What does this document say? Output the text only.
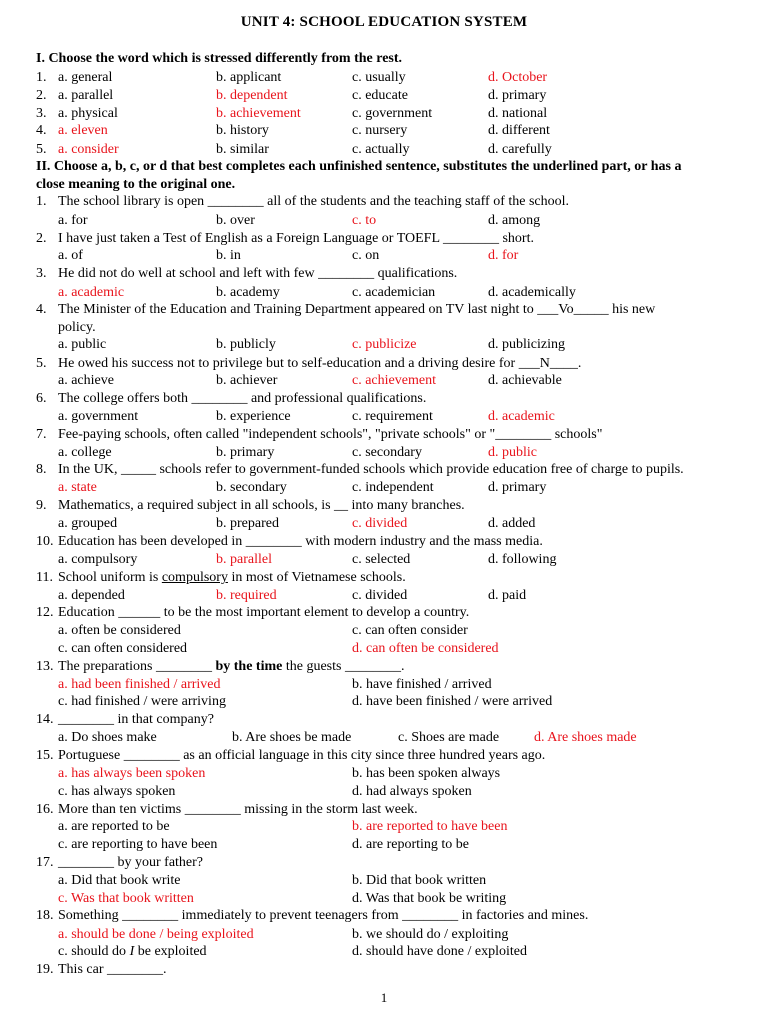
UNIT 4: SCHOOL EDUCATION SYSTEM
I. Choose the word which is stressed differently from the rest.
1. a. general	b. applicant	c. usually	d. October
2. a. parallel	b. dependent	c. educate	d. primary
3. a. physical	b. achievement	c. government	d. national
4. a. eleven	b. history	c. nursery	d. different
5. a. consider	b. similar	c. actually	d. carefully
II. Choose a, b, c, or d that best completes each unfinished sentence, substitutes the underlined part, or has a
close meaning to the original one.
1. The school library is open ________ all of the students and the teaching staff of the school.
a. for	b. over	c. to	d. among
2. I have just taken a Test of English as a Foreign Language or TOEFL ________ short.
a. of	b. in	c. on	d. for
3. He did not do well at school and left with few ________ qualifications.
a. academic	b. academy	c. academician	d. academically
4. The Minister of the Education and Training Department appeared on TV last night to ___Vo_____ his new
policy.
a. public	b. publicly	c. publicize	d. publicizing
5. He owed his success not to privilege but to self-education and a driving desire for ___N____.
a. achieve	b. achiever	c. achievement	d. achievable
6. The college offers both ________ and professional qualifications.
a. government	b. experience	c. requirement	d. academic
7. Fee-paying schools, often called "independent schools", "private schools" or "________ schools"
a. college	b. primary	c. secondary	d. public
8. In the UK, _____ schools refer to government-funded schools which provide education free of charge to pupils.
a. state	b. secondary	c. independent	d. primary
9. Mathematics, a required subject in all schools, is __ into many branches.
a. grouped	b. prepared	c. divided	d. added
10. Education has been developed in ________ with modern industry and the mass media.
a. compulsory	b. parallel	c. selected	d. following
11. School uniform is compulsory in most of Vietnamese schools.
a. depended	b. required	c. divided	d. paid
12. Education ______ to be the most important element to develop a country.
a. often be considered	c. can often consider
c. can often considered	d. can often be considered
13. The preparations ________ by the time the guests ________.
a. had been finished / arrived	b. have finished / arrived
c. had finished / were arriving	d. have been finished / were arrived
14. ________ in that company?
a. Do shoes make	b. Are shoes be made	c. Shoes are made d. Are shoes made
15. Portuguese ________ as an official language in this city since three hundred years ago.
a. has always been spoken	b. has been spoken always
c. has always spoken	d. had always spoken
16. More than ten victims ________ missing in the storm last week.
a. are reported to be	b. are reported to have been
c. are reporting to have been	d. are reporting to be
17. ________ by your father?
a. Did that book write	b. Did that book written
c. Was that book written	d. Was that book be writing
18. Something ________ immediately to prevent teenagers from ________ in factories and mines.
a. should be done / being exploited	b. we should do / exploiting
c. should do I be exploited	d. should have done / exploited
19. This car ________.
1
